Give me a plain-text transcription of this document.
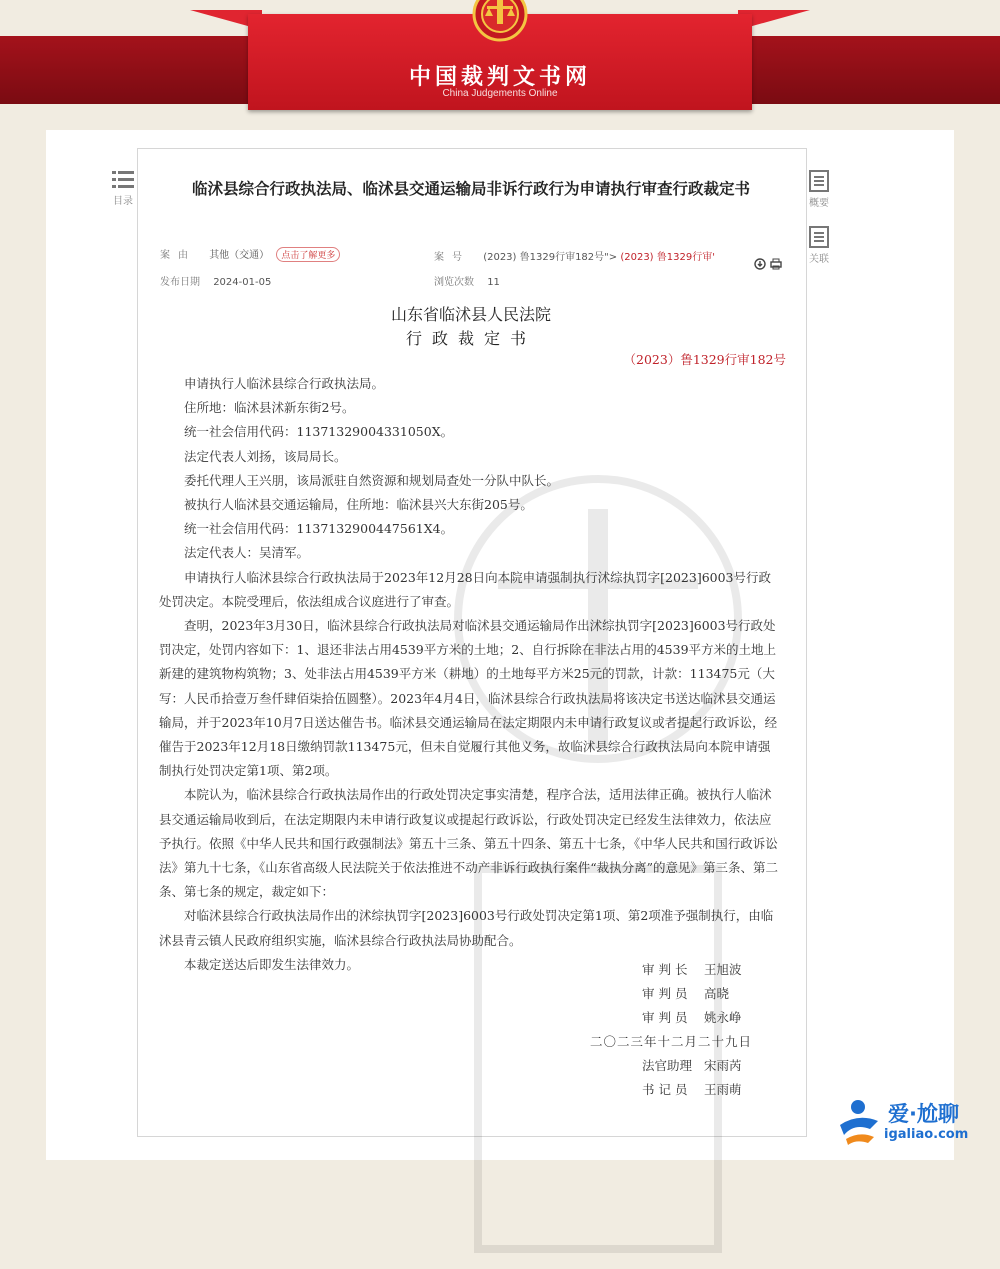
中国裁判文书网
China Judgements Online
目录	概要
关联
临沭县综合行政执法局、临沭县交通运输局非诉行政行为申请执行审查行政裁定书
案由 其他（交通） 点击了解更多	案号 (2023) 鲁1329行审182号"> (2023) 鲁1329行审'
发布日期 2024-01-05	浏览次数 11

山东省临沭县人民法院
行政裁定书
（2023）鲁1329行审182号

申请执行人临沭县综合行政执法局。

住所地：临沭县沭新东街2号。

统一社会信用代码：11371329004331050X。

法定代表人刘扬，该局局长。

委托代理人王兴朋，该局派驻自然资源和规划局查处一分队中队长。

被执行人临沭县交通运输局，住所地：临沭县兴大东街205号。

统一社会信用代码：113713290044​7561X4。

法定代表人：吴清军。

申请执行人临沭县综合行政执法局于2023年12月28日向本院申请强制执行沭综执罚字[2023]6003号行政处罚决定。本院受理后，依法组成合议庭进行了审查。

查明，2023年3月30日，临沭县综合行政执法局对临沭县交通运输局作出沭综执罚字[2023]6003号行政处罚决定，处罚内容如下：1、退还非法占用4539平方米的土地；2、自行拆除在非法占用的4539平方米的土地上新建的建筑物构筑物；3、处非法占用4539平方米（耕地）的土地每平方米25元的罚款，计款：113475元（大写：人民币拾壹万叁仟肆佰柒拾伍圆整）。2023年4月4日，临沭县综合行政执法局将该决定书送达临沭县交通运输局，并于2023年10月7日送达催告书。临沭县交通运输局在法定期限内未申请行政复议或者提起行政诉讼，经催告于2023年12月18日缴纳罚款113475元，但未自觉履行其他义务，故临沭县综合行政执法局向本院申请强制执行处罚决定第1项、第2项。

本院认为，临沭县综合行政执法局作出的行政处罚决定事实清楚，程序合法，适用法律正确。被执行人临沭县交通运输局收到后，在法定期限内未申请行政复议或提起行政诉讼，行政处罚决定已经发生法律效力，依法应予执行。依照《中华人民共和国行政强制法》第五十三条、第五十四条、第五十七条，《中华人民共和国行政诉讼法》第九十七条，《山东省高级人民法院关于依法推进不动产非诉行政执行案件“裁执分离”的意见》第三条、第二条、第七条的规定，裁定如下：

对临沭县综合行政执法局作出的沭综执罚字[2023]6003号行政处罚决定第1项、第2项准予强制执行，由临沭县青云镇人民政府组织实施，临沭县综合行政执法局协助配合。

本裁定送达后即发生法律效力。	审判长 王旭波
审判员 高晓
审判员 姚永峥
二〇二三年十二月二十九日
法官助理 宋雨芮
书记员 王雨萌
爱·尬聊
igaliao.com
